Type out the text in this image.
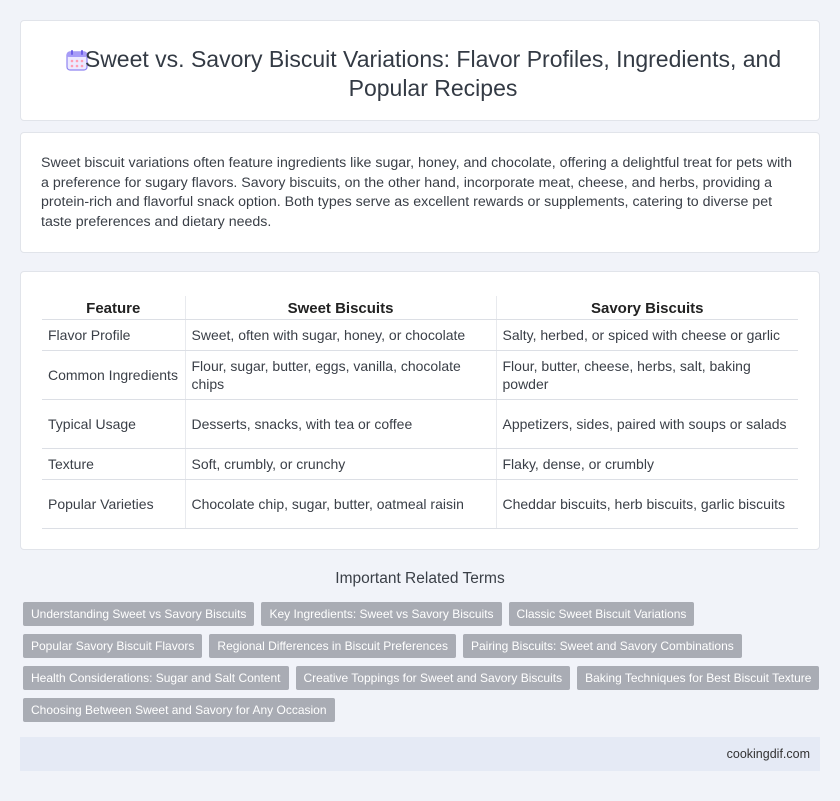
Sweet vs. Savory Biscuit Variations: Flavor Profiles, Ingredients, and Popular Recipes

Sweet biscuit variations often feature ingredients like sugar, honey, and chocolate, offering a delightful treat for pets with a preference for sugary flavors. Savory biscuits, on the other hand, incorporate meat, cheese, and herbs, providing a protein-rich and flavorful snack option. Both types serve as excellent rewards or supplements, catering to diverse pet taste preferences and dietary needs.

Feature	Sweet Biscuits	Savory Biscuits
Flavor Profile	Sweet, often with sugar, honey, or chocolate	Salty, herbed, or spiced with cheese or garlic
Common Ingredients	Flour, sugar, butter, eggs, vanilla, chocolate chips	Flour, butter, cheese, herbs, salt, baking powder
Typical Usage	Desserts, snacks, with tea or coffee	Appetizers, sides, paired with soups or salads
Texture	Soft, crumbly, or crunchy	Flaky, dense, or crumbly
Popular Varieties	Chocolate chip, sugar, butter, oatmeal raisin	Cheddar biscuits, herb biscuits, garlic biscuits
Important Related Terms
Understanding Sweet vs Savory Biscuits	Key Ingredients: Sweet vs Savory Biscuits	Classic Sweet Biscuit Variations
Popular Savory Biscuit Flavors	Regional Differences in Biscuit Preferences	Pairing Biscuits: Sweet and Savory Combinations
Health Considerations: Sugar and Salt Content	Creative Toppings for Sweet and Savory Biscuits	Baking Techniques for Best Biscuit Texture
Choosing Between Sweet and Savory for Any Occasion
cookingdif.com
